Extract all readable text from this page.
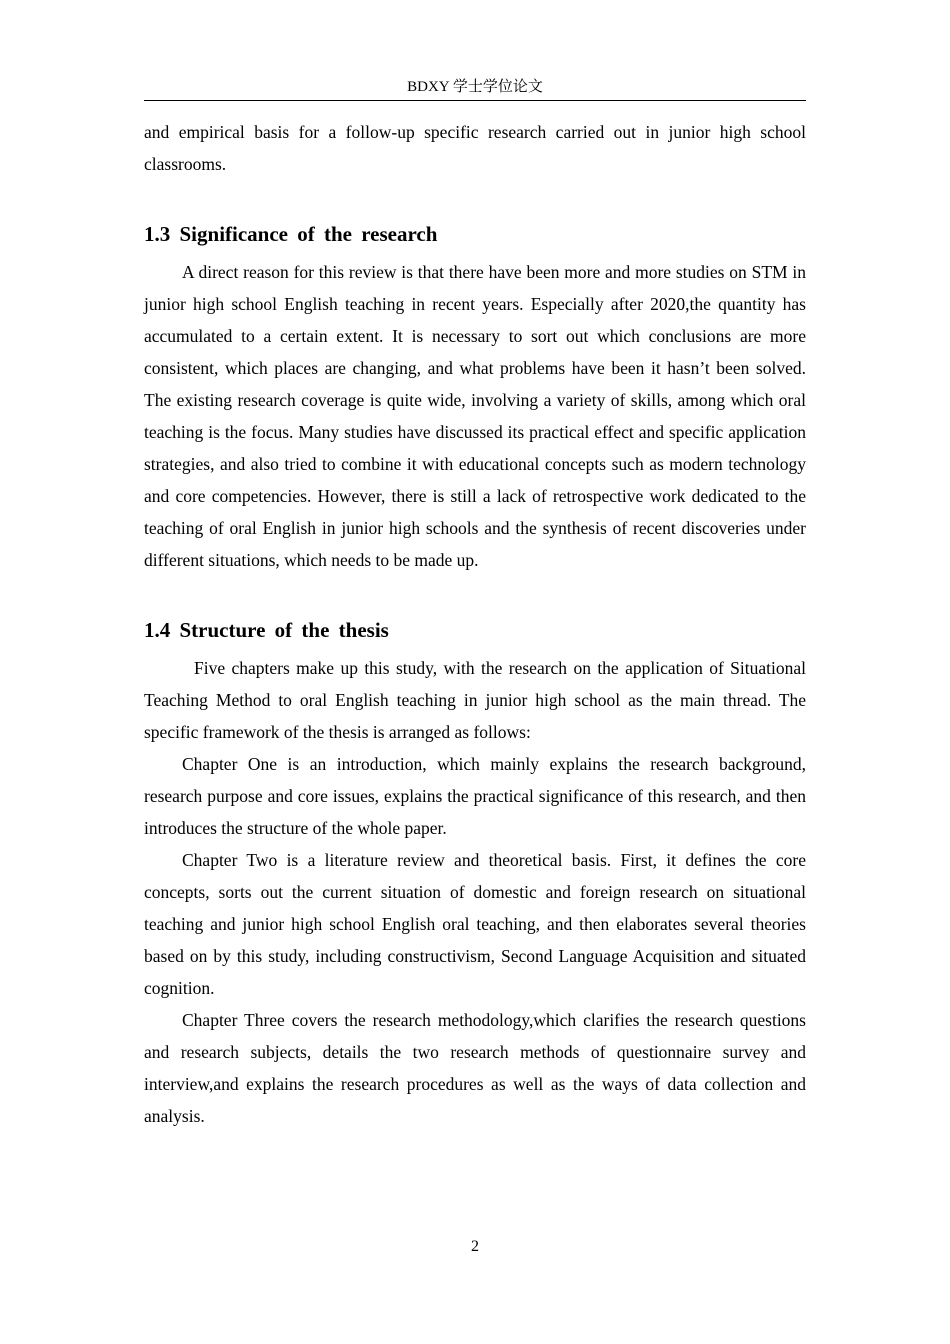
BDXY 学士学位论文

and empirical basis for a follow-up specific research carried out in junior high school classrooms.

1.3 Significance of the research

A direct reason for this review is that there have been more and more studies on STM in junior high school English teaching in recent years. Especially after 2020,the quantity has accumulated to a certain extent. It is necessary to sort out which conclusions are more consistent, which places are changing, and what problems have been it hasn’t been solved. The existing research coverage is quite wide, involving a variety of skills, among which oral teaching is the focus. Many studies have discussed its practical effect and specific application strategies, and also tried to combine it with educational concepts such as modern technology and core competencies. However, there is still a lack of retrospective work dedicated to the teaching of oral English in junior high schools and the synthesis of recent discoveries under different situations, which needs to be made up.

1.4 Structure of the thesis

Five chapters make up this study, with the research on the application of Situational Teaching Method to oral English teaching in junior high school as the main thread. The specific framework of the thesis is arranged as follows:

Chapter One is an introduction, which mainly explains the research background, research purpose and core issues, explains the practical significance of this research, and then introduces the structure of the whole paper.

Chapter Two is a literature review and theoretical basis. First, it defines the core concepts, sorts out the current situation of domestic and foreign research on situational teaching and junior high school English oral teaching, and then elaborates several theories based on by this study, including constructivism, Second Language Acquisition and situated cognition.

Chapter Three covers the research methodology,which clarifies the research questions and research subjects, details the two research methods of questionnaire survey and interview,and explains the research procedures as well as the ways of data collection and analysis.

2
